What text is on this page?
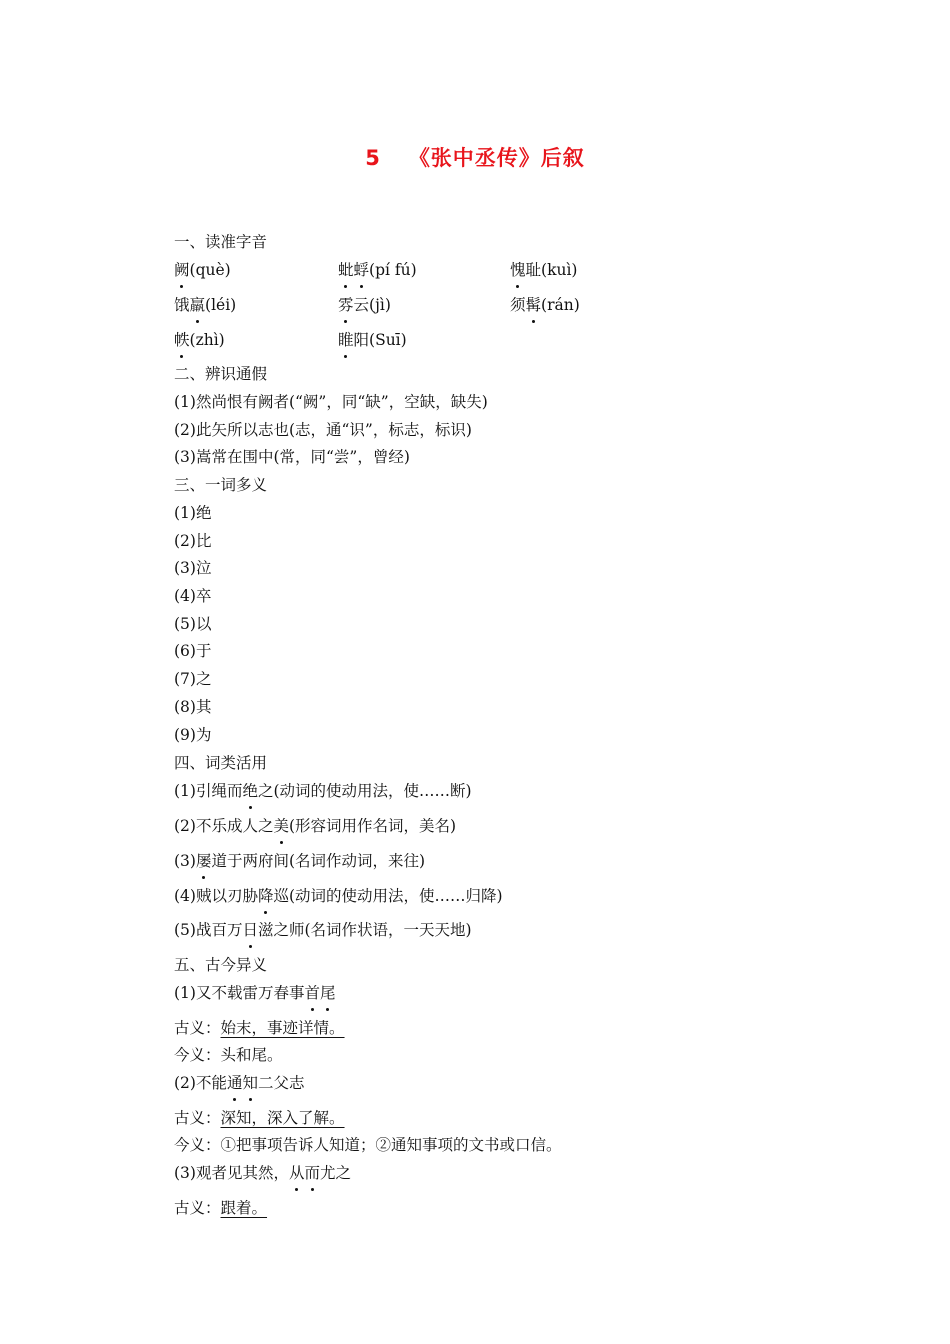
5 《张中丞传》后叙
一、读准字音
阙(què)	蚍蜉(pí fú)	愧耻(kuì)
饿羸(léi)	雰云(jì)	须髯(rán)
帙(zhì)	睢阳(Suī)
二、辨识通假
(1)然尚恨有阙者(“阙”，同“缺”，空缺，缺失)
(2)此矢所以志也(志，通“识”，标志，标识)
(3)嵩常在围中(常，同“尝”，曾经)
三、一词多义
(1)绝
(2)比
(3)泣
(4)卒
(5)以
(6)于
(7)之
(8)其
(9)为
四、词类活用
(1)引绳而绝之(动词的使动用法，使……断)
(2)不乐成人之美(形容词用作名词，美名)
(3)屡道于两府间(名词作动词，来往)
(4)贼以刃胁降巡(动词的使动用法，使……归降)
(5)战百万日滋之师(名词作状语，一天天地)
五、古今异义
(1)又不载雷万春事首尾
古义：始末，事迹详情。
今义：头和尾。
(2)不能通知二父志
古义：深知，深入了解。
今义：①把事项告诉人知道；②通知事项的文书或口信。
(3)观者见其然，从而尤之
古义：跟着。
